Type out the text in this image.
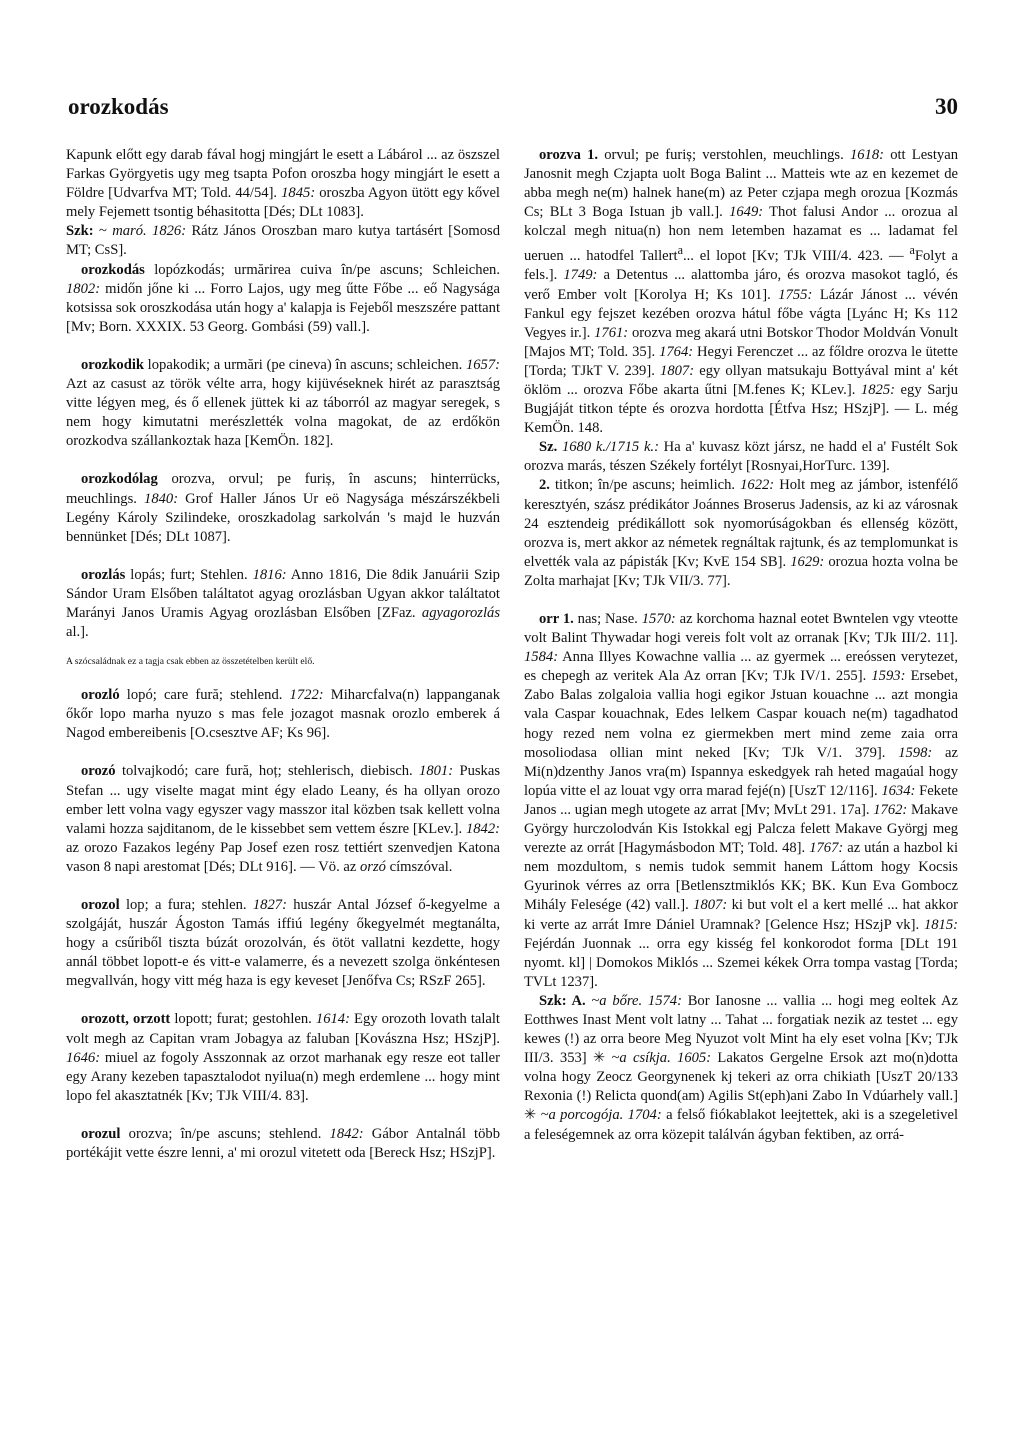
orozkodás	30

Kapunk előtt egy darab fával hogj mingjárt le esett a Lábárol ... az öszszel Farkas Györgyetis ugy meg tsapta Pofon oroszba hogy mingjárt le esett a Földre [Udvarfva MT; Told. 44/54]. 1845: oroszba Agyon ütött egy kővel mely Fejemett tsontig béhasitotta [Dés; DLt 1083].
Szk: ~ maró. 1826: Rátz János Oroszban maro kutya tartásért [Somosd MT; CsS].

orozkodás lopózkodás; urmărirea cuiva în/pe ascuns; Schleichen. 1802: midőn jőne ki ... Forro Lajos, ugy meg űtte Főbe ... eő Nagysága kotsissa sok oroszkodása után hogy a' kalapja is Fejeből meszszére pattant [Mv; Born. XXXIX. 53 Georg. Gombási (59) vall.].

orozkodik lopakodik; a urmări (pe cineva) în ascuns; schleichen. 1657: Azt az casust az török vélte arra, hogy kijüvéseknek hirét az parasztság vitte légyen meg, és ő ellenek jüttek ki az táborról az magyar seregek, s nem hogy kimutatni merészlették volna magokat, de az erdőkön orozkodva szállankoztak haza [KemÖn. 182].

orozkodólag orozva, orvul; pe furiș, în ascuns; hinterrücks, meuchlings. 1840: Grof Haller János Ur eö Nagysága mészárszékbeli Legény Károly Szilindeke, oroszkadolag sarkolván 's majd le huzván bennünket [Dés; DLt 1087].

orozlás lopás; furt; Stehlen. 1816: Anno 1816, Die 8dik Januárii Szip Sándor Uram Elsőben találtatot agyag orozlásban Ugyan akkor találtatot Marányi Janos Uramis Agyag orozlásban Elsőben [ZFaz. agyagorozlás al.].

A szócsaládnak ez a tagja csak ebben az összetételben került elő.

orozló lopó; care fură; stehlend. 1722: Miharcfalva(n) lappanganak őkőr lopo marha nyuzo s mas fele jozagot masnak orozlo emberek á Nagod embereibenis [O.csesztve AF; Ks 96].

orozó tolvajkodó; care fură, hoț; stehlerisch, diebisch. 1801: Puskas Stefan ... ugy viselte magat mint égy elado Leany, és ha ollyan orozo ember lett volna vagy egyszer vagy masszor ital közben tsak kellett volna valami hozza sajditanom, de le kissebbet sem vettem észre [KLev.]. 1842: az orozo Fazakos legény Pap Josef ezen rosz tettiért szenvedjen Katona vason 8 napi arestomat [Dés; DLt 916]. — Vö. az orzó címszóval.

orozol lop; a fura; stehlen. 1827: huszár Antal József ő-kegyelme a szolgáját, huszár Ágoston Tamás iffiú legény őkegyelmét megtanálta, hogy a csűriből tiszta búzát orozolván, és ötöt vallatni kezdette, hogy annál többet lopott-e és vitt-e valamerre, és a nevezett szolga önkéntesen megvallván, hogy vitt még haza is egy keveset [Jenőfva Cs; RSzF 265].

orozott, orzott lopott; furat; gestohlen. 1614: Egy orozoth lovath talalt volt megh az Capitan vram Jobagya az faluban [Kovászna Hsz; HSzjP]. 1646: miuel az fogoly Asszonnak az orzot marhanak egy resze eot taller egy Arany kezeben tapasztalodot nyilua(n) megh erdemlene ... hogy mint lopo fel akasztatnék [Kv; TJk VIII/4. 83].

orozul orozva; în/pe ascuns; stehlend. 1842: Gábor Antalnál több portékájit vette észre lenni, a' mi orozul vitetett oda [Bereck Hsz; HSzjP].

orozva 1. orvul; pe furiș; verstohlen, meuchlings. 1618: ott Lestyan Janosnit megh Czjapta uolt Boga Balint ... Matteis wte az en kezemet de abba megh ne(m) halnek hane(m) az Peter czjapa megh orozua [Kozmás Cs; BLt 3 Boga Istuan jb vall.]. 1649: Thot falusi Andor ... orozua al kolczal megh nitua(n) hon nem letemben hazamat es ... ladamat fel ueruen ... hatodfel Tallert$^a$... el lopot [Kv; TJk VIII/4. 423. — $^a$Folyt a fels.]. 1749: a Detentus ... alattomba járo, és orozva masokot tagló, és verő Ember volt [Korolya H; Ks 101]. 1755: Lázár Jánost ... vévén Fankul egy fejszet kezében orozva hátul főbe vágta [Lyánc H; Ks 112 Vegyes ir.]. 1761: orozva meg akará utni Botskor Thodor Moldván Vonult [Majos MT; Told. 35]. 1764: Hegyi Ferenczet ... az főldre orozva le ütette [Torda; TJkT V. 239]. 1807: egy ollyan matsukaju Bottyával mint a' két öklöm ... orozva Főbe akarta űtni [M.fenes K; KLev.]. 1825: egy Sarju Bugjáját titkon tépte és orozva hordotta [Étfva Hsz; HSzjP]. — L. még KemÖn. 148.
Sz. 1680 k./1715 k.: Ha a' kuvasz közt jársz, ne hadd el a' Fustélt Sok orozva marás, tészen Székely fortélyt [Rosnyai,HorTurc. 139].
2. titkon; în/pe ascuns; heimlich. 1622: Holt meg az jámbor, istenfélő keresztyén, szász prédikátor Joánnes Broserus Jadensis, az ki az városnak 24 esztendeig prédikállott sok nyomorúságokban és ellenség között, orozva is, mert akkor az németek regnáltak rajtunk, és az templomunkat is elvették vala az pápisták [Kv; KvE 154 SB]. 1629: orozua hozta volna be Zolta marhajat [Kv; TJk VII/3. 77].

orr 1. nas; Nase. 1570: az korchoma haznal eotet Bwntelen vgy vteotte volt Balint Thywadar hogi vereis folt volt az orranak [Kv; TJk III/2. 11]. 1584: Anna Illyes Kowachne vallia ... az gyermek ... ereóssen verytezet, es chepegh az veritek Ala Az orran [Kv; TJk IV/1. 255]. 1593: Ersebet, Zabo Balas zolgaloia vallia hogi egikor Jstuan kouachne ... azt mongia vala Caspar kouachnak, Edes lelkem Caspar kouach ne(m) tagadhatod hogy rezed nem volna ez giermekben mert mind zeme zaia orra mosoliodasa ollian mint neked [Kv; TJk V/1. 379]. 1598: az Mi(n)dzenthy Janos vra(m) Ispannya eskedgyek rah heted magaúal hogy lopúa vitte el az louat vgy orra marad fejé(n) [UszT 12/116]. 1634: Fekete Janos ... ugian megh utogete az arrat [Mv; MvLt 291. 17a]. 1762: Makave György hurczolodván Kis Istokkal egj Palcza felett Makave Györgj meg verezte az orrát [Hagymásbodon MT; Told. 48]. 1767: az után a hazbol ki nem mozdultom, s nemis tudok semmit hanem Láttom hogy Kocsis Gyurinok vérres az orra [Betlensztmiklós KK; BK. Kun Eva Gombocz Mihály Felesége (42) vall.]. 1807: ki but volt el a kert mellé ... hat akkor ki verte az arrát Imre Dániel Uramnak? [Gelence Hsz; HSzjP vk]. 1815: Fejérdán Juonnak ... orra egy kisség fel konkorodot forma [DLt 191 nyomt. kl] | Domokos Miklós ... Szemei kékek Orra tompa vastag [Torda; TVLt 1237].
Szk: A. ~a bőre. 1574: Bor Ianosne ... vallia ... hogi meg eoltek Az Eotthwes Inast Ment volt latny ... Tahat ... forgatiak nezik az testet ... egy kewes (!) az orra beore Meg Nyuzot volt Mint ha ely eset volna [Kv; TJk III/3. 353] ✳ ~a csíkja. 1605: Lakatos Gergelne Ersok azt mo(n)dotta volna hogy Zeocz Georgynenek kj tekeri az orra chikiath [UszT 20/133 Rexonia (!) Relicta quond(am) Agilis St(eph)ani Zabo In Vdúarhely vall.] ✳ ~a porcogója. 1704: a felső fiókablakot leejtettek, aki is a szegeletivel a feleségemnek az orra közepit találván ágyban fektiben, az orrá-
